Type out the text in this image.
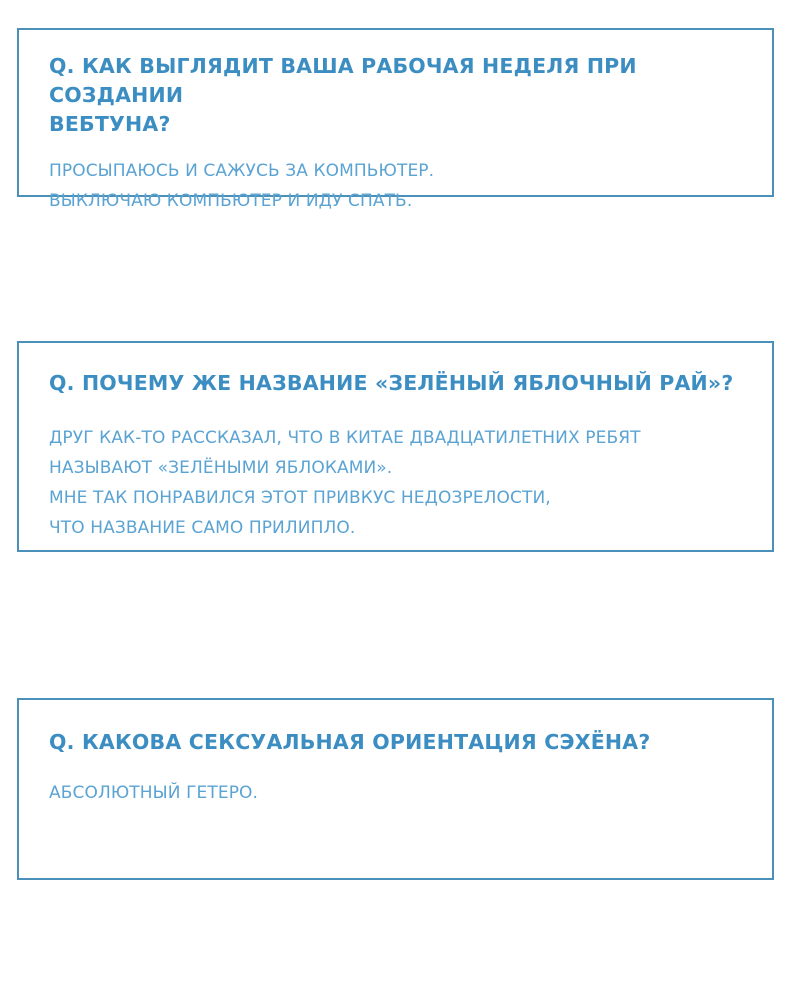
Q. КАК ВЫГЛЯДИТ ВАША РАБОЧАЯ НЕДЕЛЯ ПРИ СОЗДАНИИ
ВЕБТУНА?

ПРОСЫПАЮСЬ И САЖУСЬ ЗА КОМПЬЮТЕР.
ВЫКЛЮЧАЮ КОМПЬЮТЕР И ИДУ СПАТЬ.

Q. ПОЧЕМУ ЖЕ НАЗВАНИЕ «ЗЕЛЁНЫЙ ЯБЛОЧНЫЙ РАЙ»?

ДРУГ КАК-ТО РАССКАЗАЛ, ЧТО В КИТАЕ ДВАДЦАТИЛЕТНИХ РЕБЯТ
НАЗЫВАЮТ «ЗЕЛЁНЫМИ ЯБЛОКАМИ».
МНЕ ТАК ПОНРАВИЛСЯ ЭТОТ ПРИВКУС НЕДОЗРЕЛОСТИ,
ЧТО НАЗВАНИЕ САМО ПРИЛИПЛО.

Q. КАКОВА СЕКСУАЛЬНАЯ ОРИЕНТАЦИЯ СЭХЁНА?

АБСОЛЮТНЫЙ ГЕТЕРО.
